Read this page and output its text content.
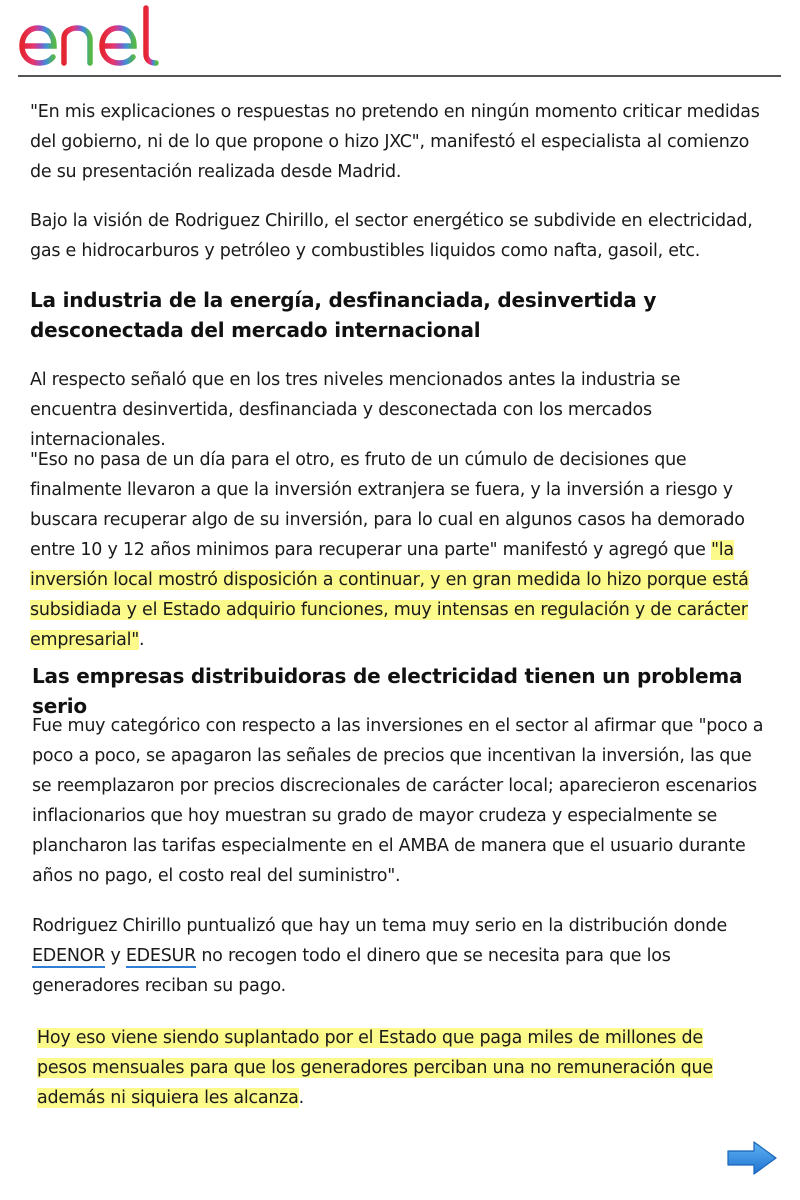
"En mis explicaciones o respuestas no pretendo en ningún momento criticar medidas del gobierno, ni de lo que propone o hizo JXC", manifestó el especialista al comienzo de su presentación realizada desde Madrid.

Bajo la visión de Rodriguez Chirillo, el sector energético se subdivide en electricidad, gas e hidrocarburos y petróleo y combustibles liquidos como nafta, gasoil, etc.

La industria de la energía, desfinanciada, desinvertida y desconectada del mercado internacional

Al respecto señaló que en los tres niveles mencionados antes la industria se encuentra desinvertida, desfinanciada y desconectada con los mercados internacionales.

"Eso no pasa de un día para el otro, es fruto de un cúmulo de decisiones que finalmente llevaron a que la inversión extranjera se fuera, y la inversión a riesgo y buscara recuperar algo de su inversión, para lo cual en algunos casos ha demorado entre 10 y 12 años minimos para recuperar una parte" manifestó y agregó que "la inversión local mostró disposición a continuar, y en gran medida lo hizo porque está subsidiada y el Estado adquirio funciones, muy intensas en regulación y de carácter empresarial".

Las empresas distribuidoras de electricidad tienen un problema serio

Fue muy categórico con respecto a las inversiones en el sector al afirmar que "poco a poco a poco, se apagaron las señales de precios que incentivan la inversión, las que se reemplazaron por precios discrecionales de carácter local; aparecieron escenarios inflacionarios que hoy muestran su grado de mayor crudeza y especialmente se plancharon las tarifas especialmente en el AMBA de manera que el usuario durante años no pago, el costo real del suministro".

Rodriguez Chirillo puntualizó que hay un tema muy serio en la distribución donde EDENOR y EDESUR no recogen todo el dinero que se necesita para que los generadores reciban su pago.

Hoy eso viene siendo suplantado por el Estado que paga miles de millones de pesos mensuales para que los generadores perciban una no remuneración que además ni siquiera les alcanza.
